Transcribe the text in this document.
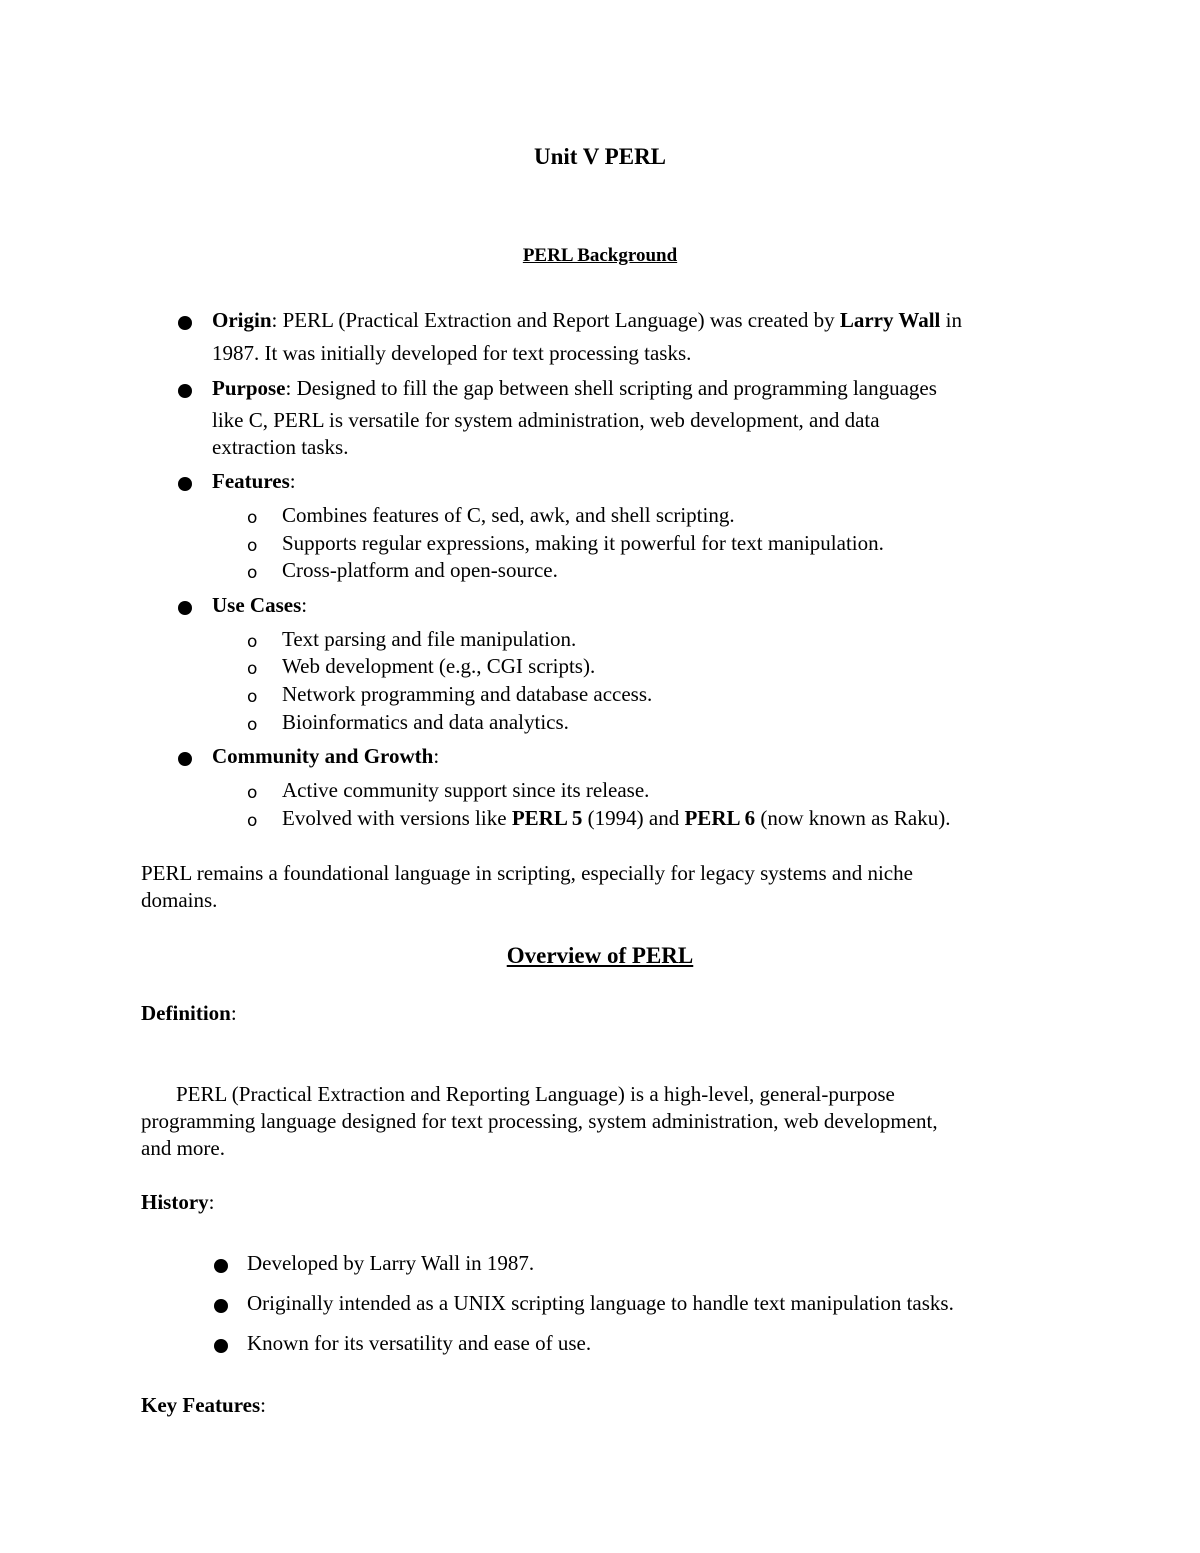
Unit V PERL
PERL Background
Origin: PERL (Practical Extraction and Report Language) was created by Larry Wall in
1987. It was initially developed for text processing tasks.
Purpose: Designed to fill the gap between shell scripting and programming languages
like C, PERL is versatile for system administration, web development, and data
extraction tasks.
Features:
o Combines features of C, sed, awk, and shell scripting.
o Supports regular expressions, making it powerful for text manipulation.
o Cross-platform and open-source.
Use Cases:
o Text parsing and file manipulation.
o Web development (e.g., CGI scripts).
o Network programming and database access.
o Bioinformatics and data analytics.
Community and Growth:
o Active community support since its release.
o Evolved with versions like PERL 5 (1994) and PERL 6 (now known as Raku).
PERL remains a foundational language in scripting, especially for legacy systems and niche
domains.
Overview of PERL
Definition:
PERL (Practical Extraction and Reporting Language) is a high-level, general-purpose
programming language designed for text processing, system administration, web development,
and more.
History:
Developed by Larry Wall in 1987.
Originally intended as a UNIX scripting language to handle text manipulation tasks.
Known for its versatility and ease of use.
Key Features:
